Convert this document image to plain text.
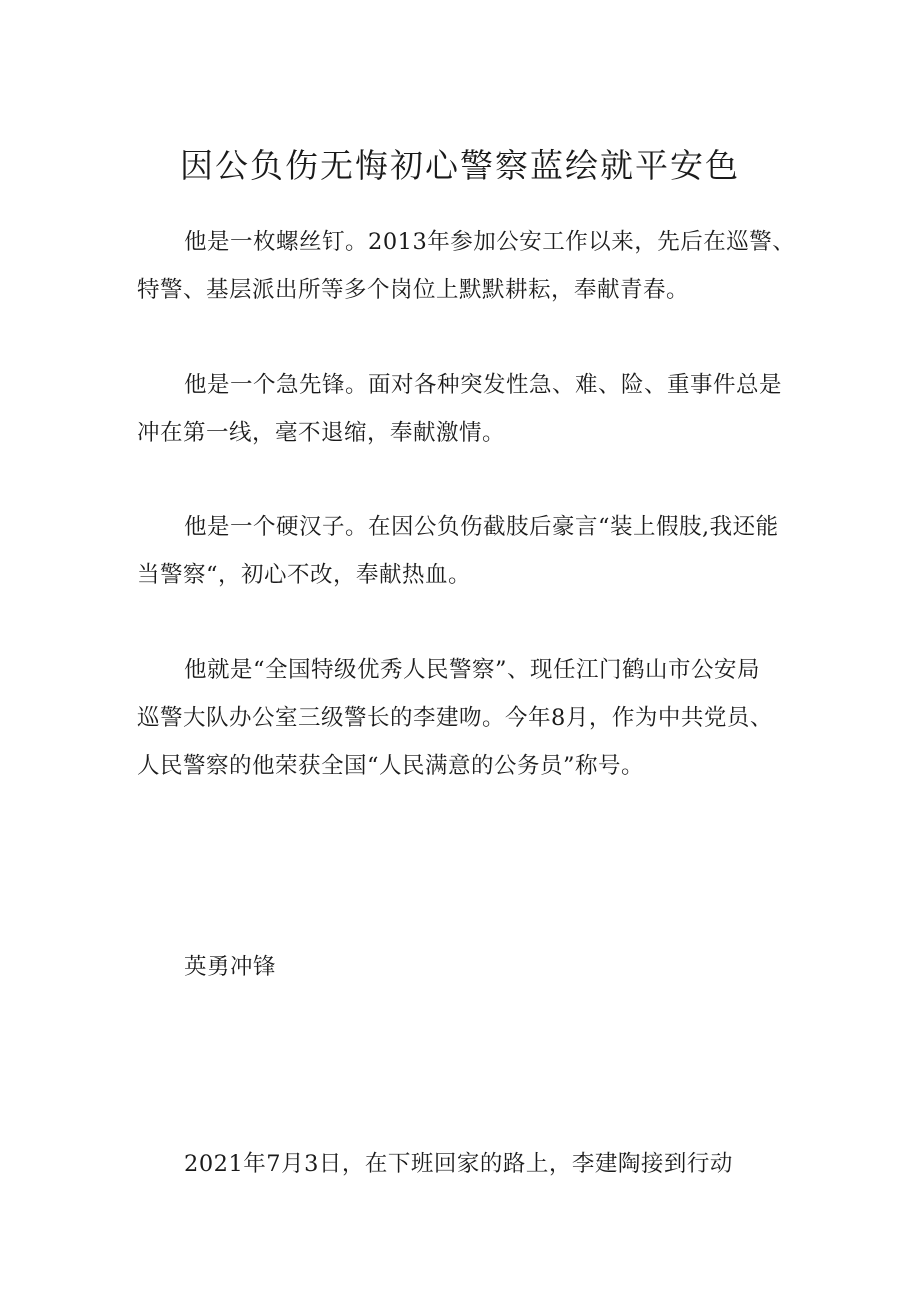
因公负伤无悔初心警察蓝绘就平安色

他是一枚螺丝钉。2013年参加公安工作以来，先后在巡警、
特警、基层派出所等多个岗位上默默耕耘，奉献青春。

他是一个急先锋。面对各种突发性急、难、险、重事件总是
冲在第一线，毫不退缩，奉献激情。

他是一个硬汉子。在因公负伤截肢后豪言“装上假肢,我还能
当警察“，初心不改，奉献热血。

他就是“全国特级优秀人民警察”、现任江门鹤山市公安局
巡警大队办公室三级警长的李建吻。今年8月，作为中共党员、
人民警察的他荣获全国“人民满意的公务员”称号。

英勇冲锋

2021年7月3日，在下班回家的路上，李建陶接到行动
